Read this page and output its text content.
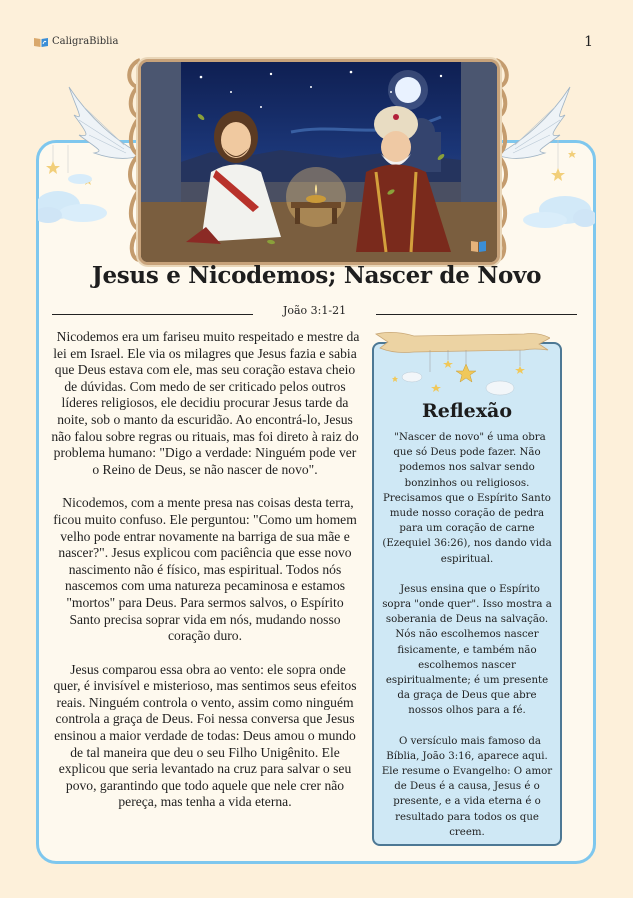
CaligraBiblia	1
Jesus e Nicodemos; Nascer de Novo
João 3:1-21

Nicodemos era um fariseu muito respeitado e mestre da lei em Israel. Ele via os milagres que Jesus fazia e sabia que Deus estava com ele, mas seu coração estava cheio de dúvidas. Com medo de ser criticado pelos outros líderes religiosos, ele decidiu procurar Jesus tarde da noite, sob o manto da escuridão. Ao encontrá-lo, Jesus não falou sobre regras ou rituais, mas foi direto à raiz do problema humano: "Digo a verdade: Ninguém pode ver o Reino de Deus, se não nascer de novo".

Nicodemos, com a mente presa nas coisas desta terra, ficou muito confuso. Ele perguntou: "Como um homem velho pode entrar novamente na barriga de sua mãe e nascer?". Jesus explicou com paciência que esse novo nascimento não é físico, mas espiritual. Todos nós nascemos com uma natureza pecaminosa e estamos "mortos" para Deus. Para sermos salvos, o Espírito Santo precisa soprar vida em nós, mudando nosso coração duro.

Jesus comparou essa obra ao vento: ele sopra onde quer, é invisível e misterioso, mas sentimos seus efeitos reais. Ninguém controla o vento, assim como ninguém controla a graça de Deus. Foi nessa conversa que Jesus ensinou a maior verdade de todas: Deus amou o mundo de tal maneira que deu o seu Filho Unigênito. Ele explicou que seria levantado na cruz para salvar o seu povo, garantindo que todo aquele que nele crer não pereça, mas tenha a vida eterna.

Reflexão

"Nascer de novo" é uma obra que só Deus pode fazer. Não podemos nos salvar sendo bonzinhos ou religiosos. Precisamos que o Espírito Santo mude nosso coração de pedra para um coração de carne (Ezequiel 36:26), nos dando vida espiritual.

Jesus ensina que o Espírito sopra "onde quer". Isso mostra a soberania de Deus na salvação. Nós não escolhemos nascer fisicamente, e também não escolhemos nascer espiritualmente; é um presente da graça de Deus que abre nossos olhos para a fé.

O versículo mais famoso da Bíblia, João 3:16, aparece aqui. Ele resume o Evangelho: O amor de Deus é a causa, Jesus é o presente, e a vida eterna é o resultado para todos os que creem.
